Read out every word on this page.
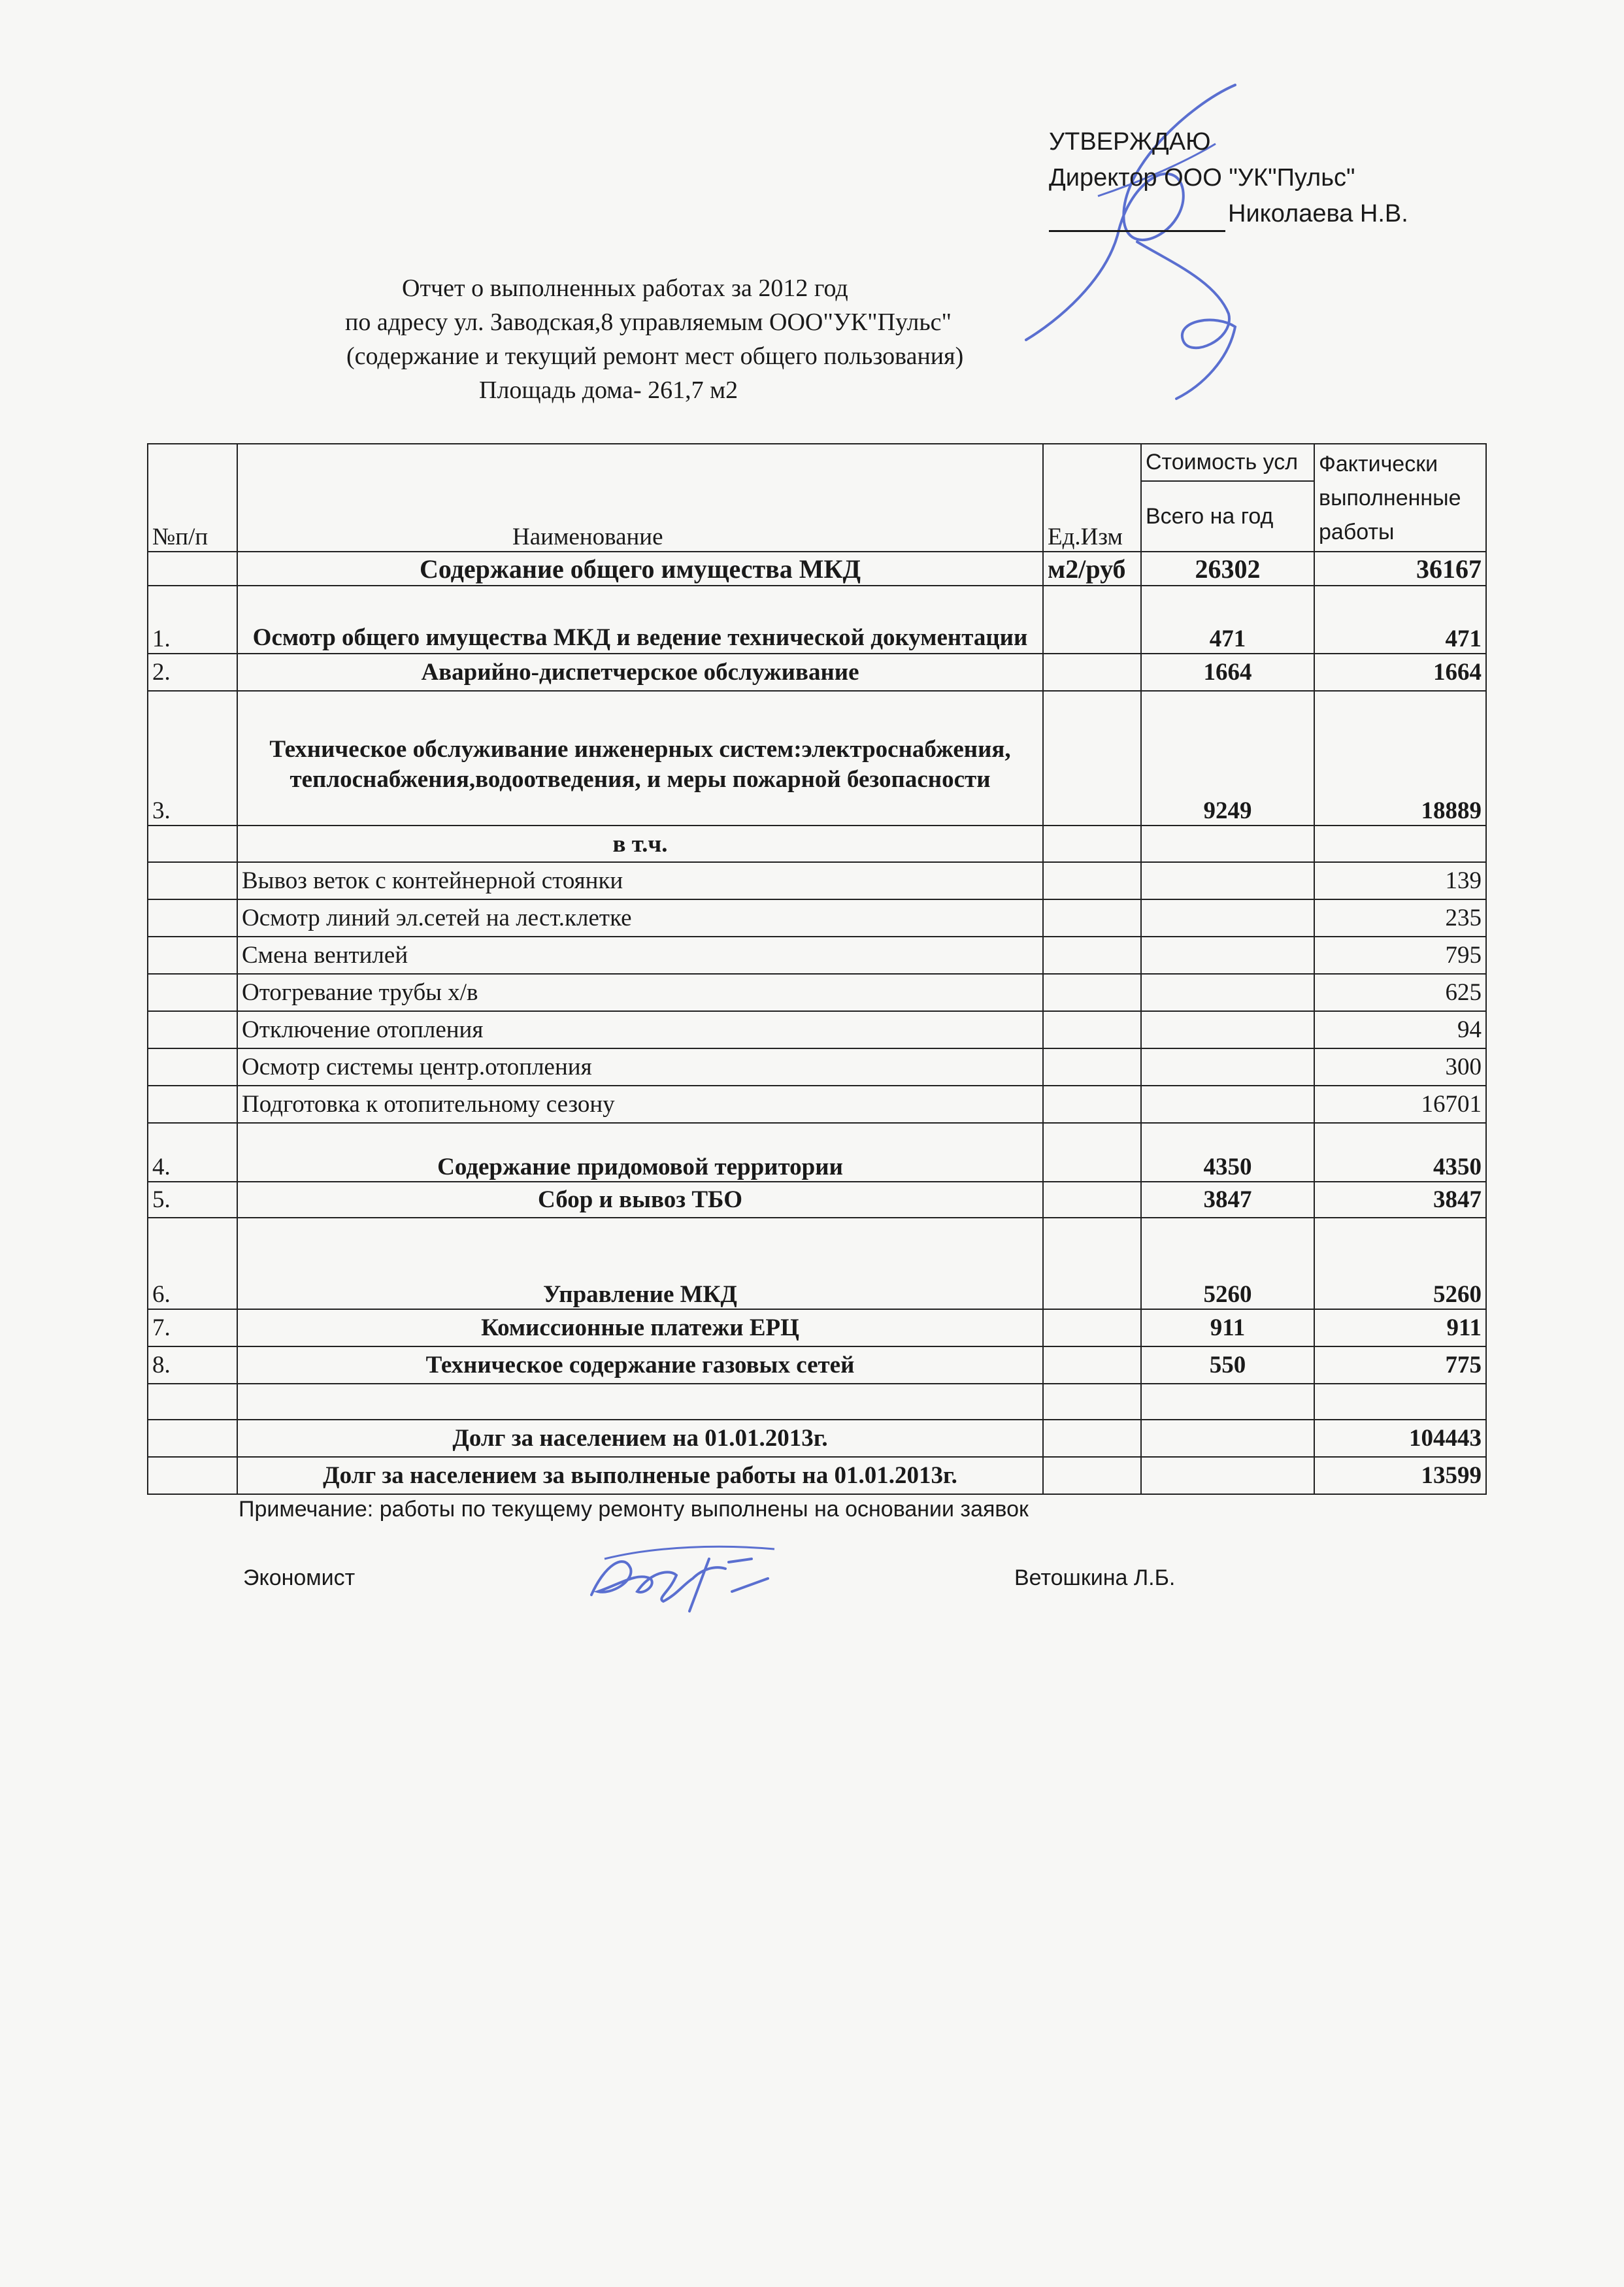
УТВЕРЖДАЮ
Директор ООО "УК"Пульс"
Николаева Н.В.
Отчет о выполненных работах за 2012 год
по адресу ул. Заводская,8 управляемым ООО"УК"Пульс"
(содержание и текущий ремонт мест общего пользования)
Площадь дома- 261,7 м2
№п/п	Наименование	Ед.Изм	Стоимость усл	Фактически выполненные работы
			Всего на год	
	Содержание общего имущества МКД	м2/руб	26302	36167
1.	Осмотр общего имущества МКД и ведение технической документации		471	471
2.	Аварийно-диспетчерское обслуживание		1664	1664
3.	Техническое обслуживание инженерных систем:электроснабжения, теплоснабжения,водоотведения, и меры пожарной безопасности		9249	18889
	в т.ч.			
	Вывоз веток с контейнерной стоянки			139
	Осмотр линий эл.сетей на лест.клетке			235
	Смена вентилей			795
	Отогревание трубы х/в			625
	Отключение отопления			94
	Осмотр системы центр.отопления			300
	Подготовка к отопительному сезону			16701
4.	Содержание придомовой территории		4350	4350
5.	Сбор и вывоз ТБО		3847	3847
6.	Управление МКД		5260	5260
7.	Комиссионные платежи ЕРЦ		911	911
8.	Техническое содержание газовых сетей		550	775

	Долг за населением на 01.01.2013г.			104443
	Долг за населением за выполненые работы на 01.01.2013г.			13599
Примечание: работы по текущему ремонту выполнены на основании заявок
Экономист	Ветошкина Л.Б.
